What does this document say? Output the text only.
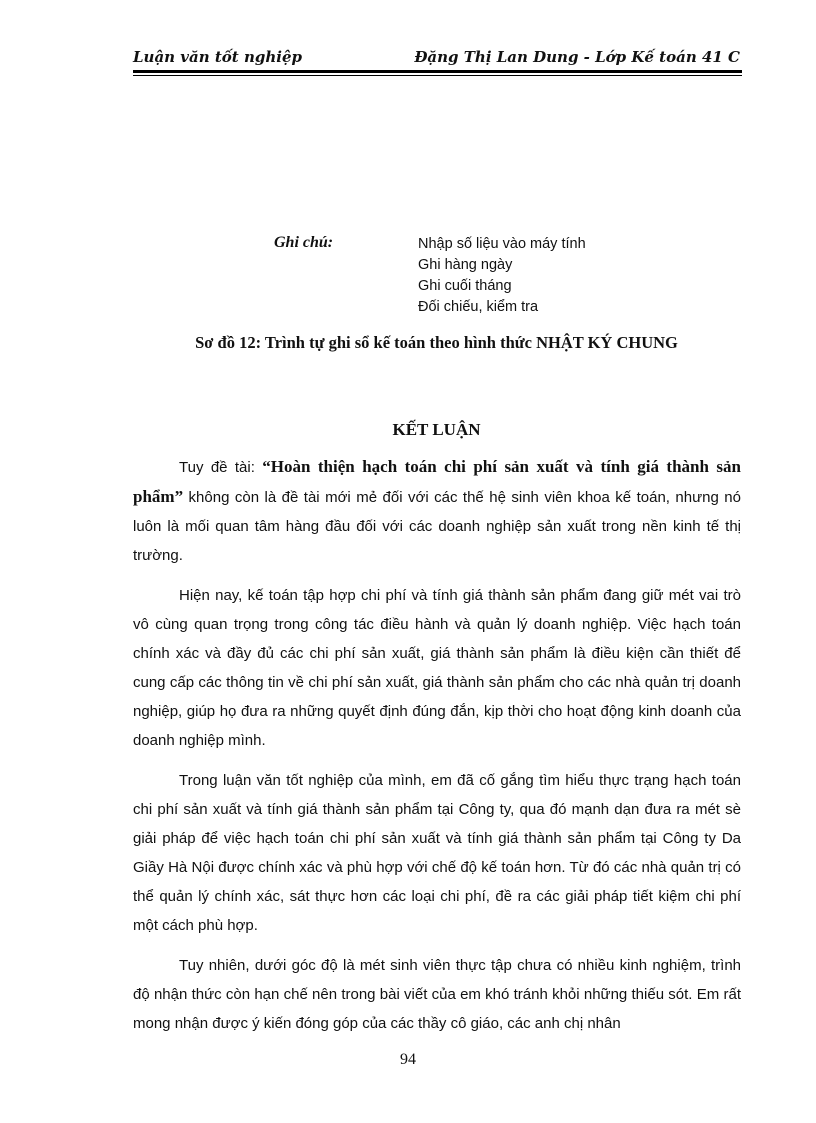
Luận văn tốt nghiệp	Đặng Thị Lan Dung - Lớp Kế toán 41 C
Ghi chú:	Nhập số liệu vào máy tính
Ghi hàng ngày
Ghi cuối tháng
Đối chiếu, kiểm tra
Sơ đồ 12: Trình tự ghi sổ kế toán theo hình thức NHẬT KÝ CHUNG
KẾT LUẬN

Tuy đề tài: “Hoàn thiện hạch toán chi phí sản xuất và tính giá thành sản phẩm” không còn là đề tài mới mẻ đối với các thế hệ sinh viên khoa kế toán, nhưng nó luôn là mối quan tâm hàng đầu đối với các doanh nghiệp sản xuất trong nền kinh tế thị trường.

Hiện nay, kế toán tập hợp chi phí và tính giá thành sản phẩm đang giữ mét vai trò vô cùng quan trọng trong công tác điều hành và quản lý doanh nghiệp. Việc hạch toán chính xác và đầy đủ các chi phí sản xuất, giá thành sản phẩm là điều kiện cần thiết để cung cấp các thông tin về chi phí sản xuất, giá thành sản phẩm cho các nhà quản trị doanh nghiệp, giúp họ đưa ra những quyết định đúng đắn, kịp thời cho hoạt động kinh doanh của doanh nghiệp mình.

Trong luận văn tốt nghiệp của mình, em đã cố gắng tìm hiểu thực trạng hạch toán chi phí sản xuất và tính giá thành sản phẩm tại Công ty, qua đó mạnh dạn đưa ra mét sè giải pháp để việc hạch toán chi phí sản xuất và tính giá thành sản phẩm tại Công ty Da Giầy Hà Nội được chính xác và phù hợp với chế độ kế toán hơn. Từ đó các nhà quản trị có thể quản lý chính xác, sát thực hơn các loại chi phí, đề ra các giải pháp tiết kiệm chi phí một cách phù hợp.

Tuy nhiên, dưới góc độ là mét sinh viên thực tập chưa có nhiều kinh nghiệm, trình độ nhận thức còn hạn chế nên trong bài viết của em khó tránh khỏi những thiếu sót. Em rất mong nhận được ý kiến đóng góp của các thầy cô giáo, các anh chị nhân

94
